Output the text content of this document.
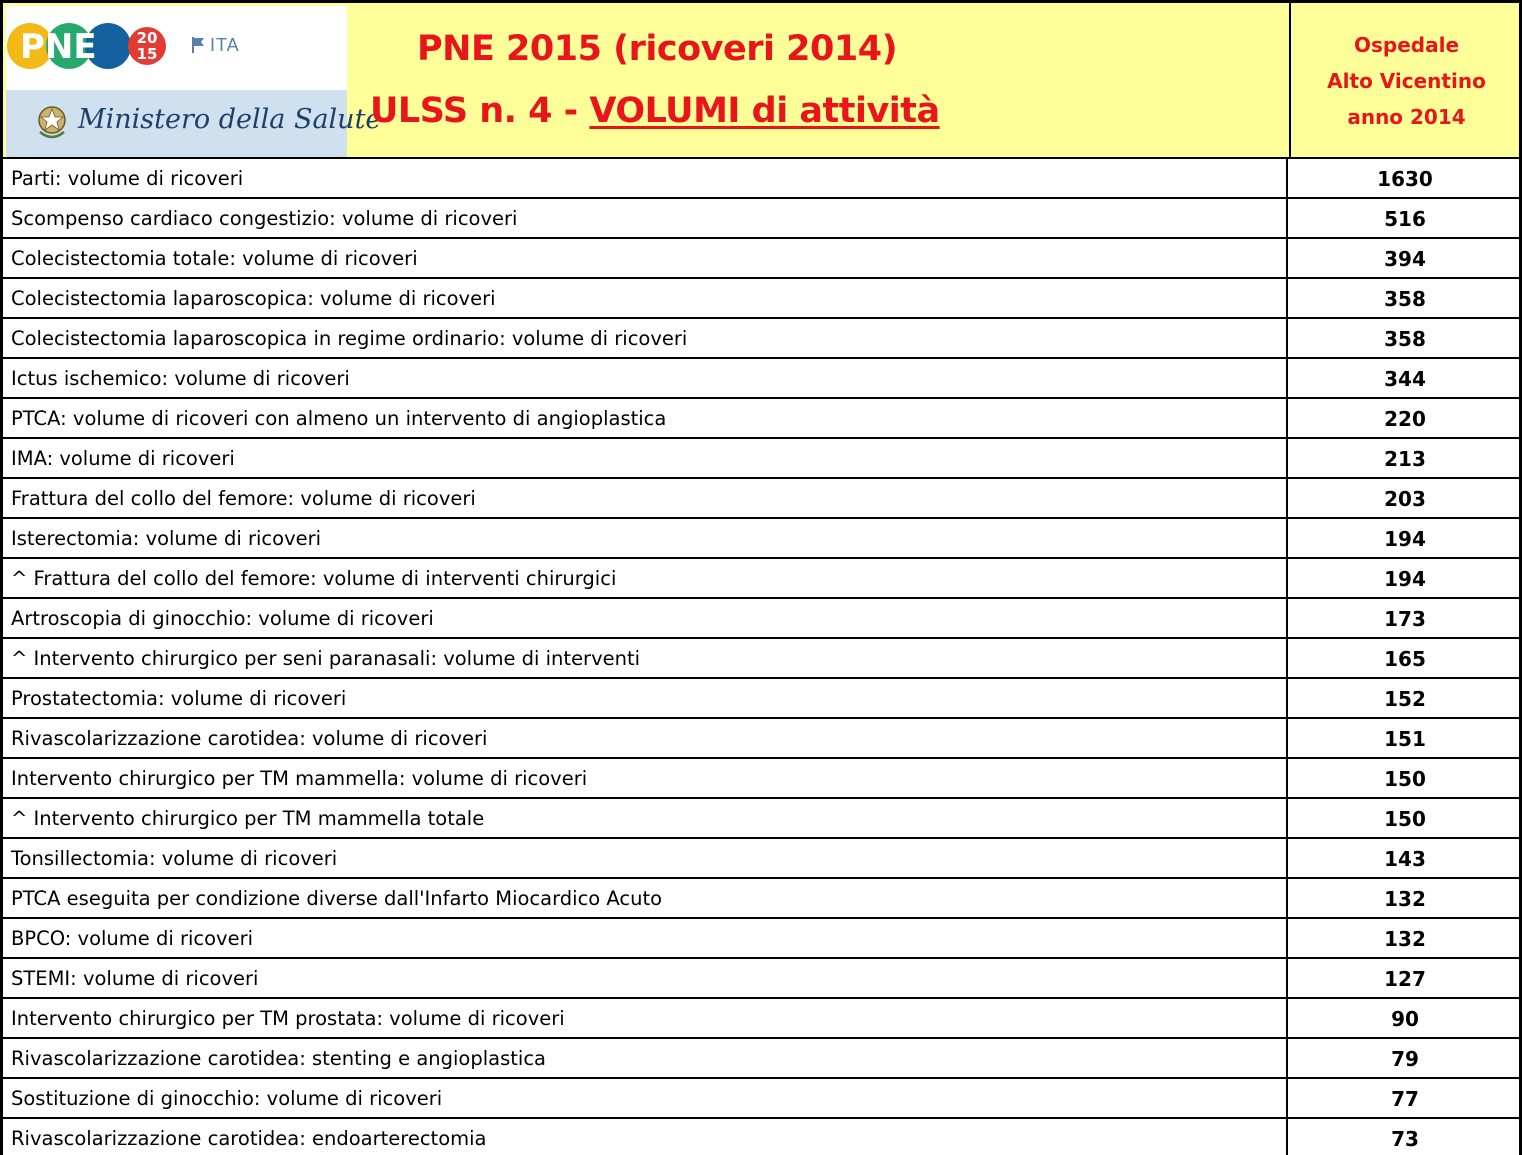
PNE	20
15	ITA
Ministero della Salute
PNE 2015 (ricoveri 2014)
ULSS n. 4 - VOLUMI di attività
Ospedale
Alto Vicentino
anno 2014
Parti: volume di ricoveri	1630
Scompenso cardiaco congestizio: volume di ricoveri	516
Colecistectomia totale: volume di ricoveri	394
Colecistectomia laparoscopica: volume di ricoveri	358
Colecistectomia laparoscopica in regime ordinario: volume di ricoveri	358
Ictus ischemico: volume di ricoveri	344
PTCA: volume di ricoveri con almeno un intervento di angioplastica	220
IMA: volume di ricoveri	213
Frattura del collo del femore: volume di ricoveri	203
Isterectomia: volume di ricoveri	194
^ Frattura del collo del femore: volume di interventi chirurgici	194
Artroscopia di ginocchio: volume di ricoveri	173
^ Intervento chirurgico per seni paranasali: volume di interventi	165
Prostatectomia: volume di ricoveri	152
Rivascolarizzazione carotidea: volume di ricoveri	151
Intervento chirurgico per TM mammella: volume di ricoveri	150
^ Intervento chirurgico per TM mammella totale	150
Tonsillectomia: volume di ricoveri	143
PTCA eseguita per condizione diverse dall'Infarto Miocardico Acuto	132
BPCO: volume di ricoveri	132
STEMI: volume di ricoveri	127
Intervento chirurgico per TM prostata: volume di ricoveri	90
Rivascolarizzazione carotidea: stenting e angioplastica	79
Sostituzione di ginocchio: volume di ricoveri	77
Rivascolarizzazione carotidea: endoarterectomia	73
